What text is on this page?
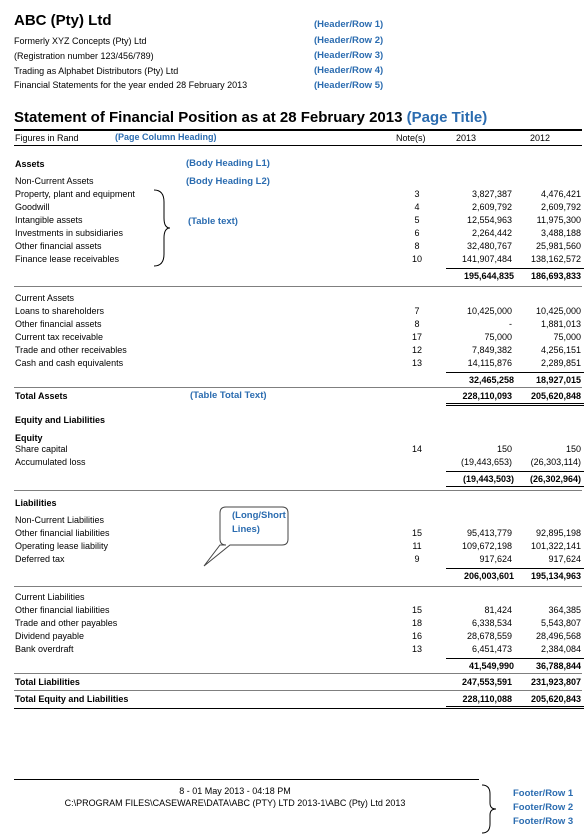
ABC (Pty) Ltd
Formerly XYZ Concepts (Pty) Ltd
(Registration number 123/456/789)
Trading as Alphabet Distributors (Pty) Ltd
Financial Statements for the year ended 28 February 2013
(Header/Row 1)
(Header/Row 2)
(Header/Row 3)
(Header/Row 4)
(Header/Row 5)
Statement of Financial Position as at 28 February 2013 (Page Title)
Figures in Rand	(Page Column Heading)	Note(s)	2013	2012
Assets
Non-Current Assets
(Body Heading L1)
(Body Heading L2)
(Table text)
Property, plant and equipment	3	3,827,387	4,476,421
Goodwill	4	2,609,792	2,609,792
Intangible assets	5	12,554,963	11,975,300
Investments in subsidiaries	6	2,264,442	3,488,188
Other financial assets	8	32,480,767	25,981,560
Finance lease receivables	10	141,907,484 138,162,572
195,644,835 186,693,833
Current Assets
Loans to shareholders	7	10,425,000	10,425,000
Other financial assets	8	-	1,881,013
Current tax receivable	17	75,000	75,000
Trade and other receivables	12	7,849,382	4,256,151
Cash and cash equivalents	13	14,115,876	2,289,851
32,465,258 18,927,015
Total Assets	228,110,093 205,620,848
(Table Total Text)
Equity and Liabilities
Equity
Share capital	14	150	150
Accumulated loss	(19,443,653) (26,303,114)
(19,443,503) (26,302,964)
Liabilities
Non-Current Liabilities	(Long/Short
Lines)
Other financial liabilities	15	95,413,779	92,895,198
Operating lease liability	11	109,672,198 101,322,141
Deferred tax	9	917,624	917,624
206,003,601 195,134,963
Current Liabilities
Other financial liabilities	15	81,424	364,385
Trade and other payables	18	6,338,534	5,543,807
Dividend payable	16	28,678,559	28,496,568
Bank overdraft	13	6,451,473	2,384,084
41,549,990 36,788,844
Total Liabilities	247,553,591 231,923,807
Total Equity and Liabilities	228,110,088 205,620,843
8 - 01 May 2013 - 04:18 PM
C:\PROGRAM FILES\CASEWARE\DATA\ABC (PTY) LTD 2013-1\ABC (Pty) Ltd 2013
Footer/Row 1
Footer/Row 2
Footer/Row 3
